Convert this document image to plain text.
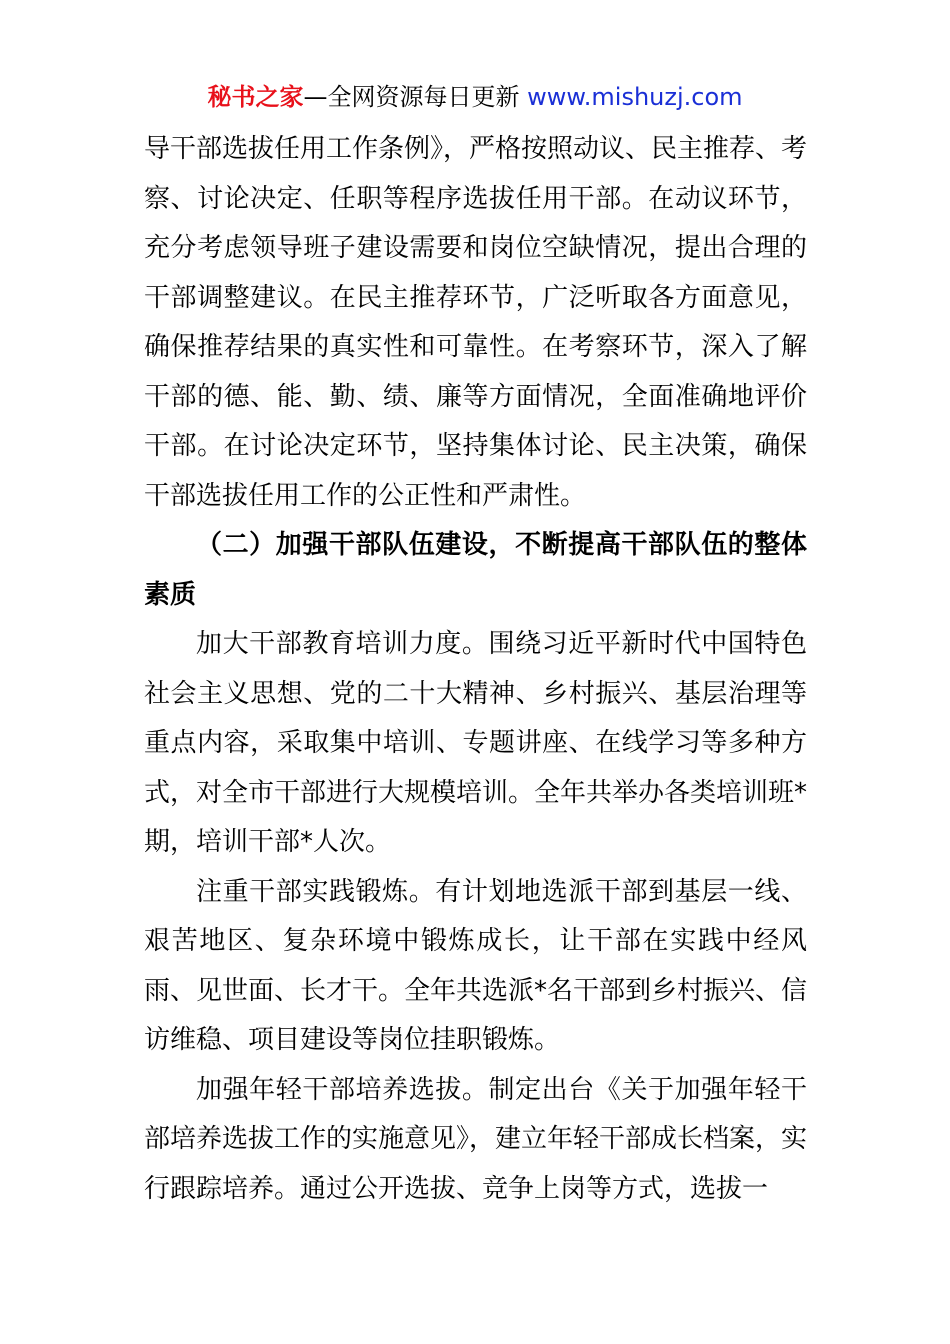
秘书之家—全网资源每日更新 www.mishuzj.com

导干部选拔任用工作条例》，严格按照动议、民主推荐、考察、讨论决定、任职等程序选拔任用干部。在动议环节，充分考虑领导班子建设需要和岗位空缺情况，提出合理的干部调整建议。在民主推荐环节，广泛听取各方面意见，确保推荐结果的真实性和可靠性。在考察环节，深入了解干部的德、能、勤、绩、廉等方面情况，全面准确地评价干部。在讨论决定环节，坚持集体讨论、民主决策，确保干部选拔任用工作的公正性和严肃性。

（二）加强干部队伍建设，不断提高干部队伍的整体素质

加大干部教育培训力度。围绕习近平新时代中国特色社会主义思想、党的二十大精神、乡村振兴、基层治理等重点内容，采取集中培训、专题讲座、在线学习等多种方式，对全市干部进行大规模培训。全年共举办各类培训班*期，培训干部*人次。

注重干部实践锻炼。有计划地选派干部到基层一线、艰苦地区、复杂环境中锻炼成长，让干部在实践中经风雨、见世面、长才干。全年共选派*名干部到乡村振兴、信访维稳、项目建设等岗位挂职锻炼。

加强年轻干部培养选拔。制定出台《关于加强年轻干部培养选拔工作的实施意见》，建立年轻干部成长档案，实行跟踪培养。通过公开选拔、竞争上岗等方式，选拔一
